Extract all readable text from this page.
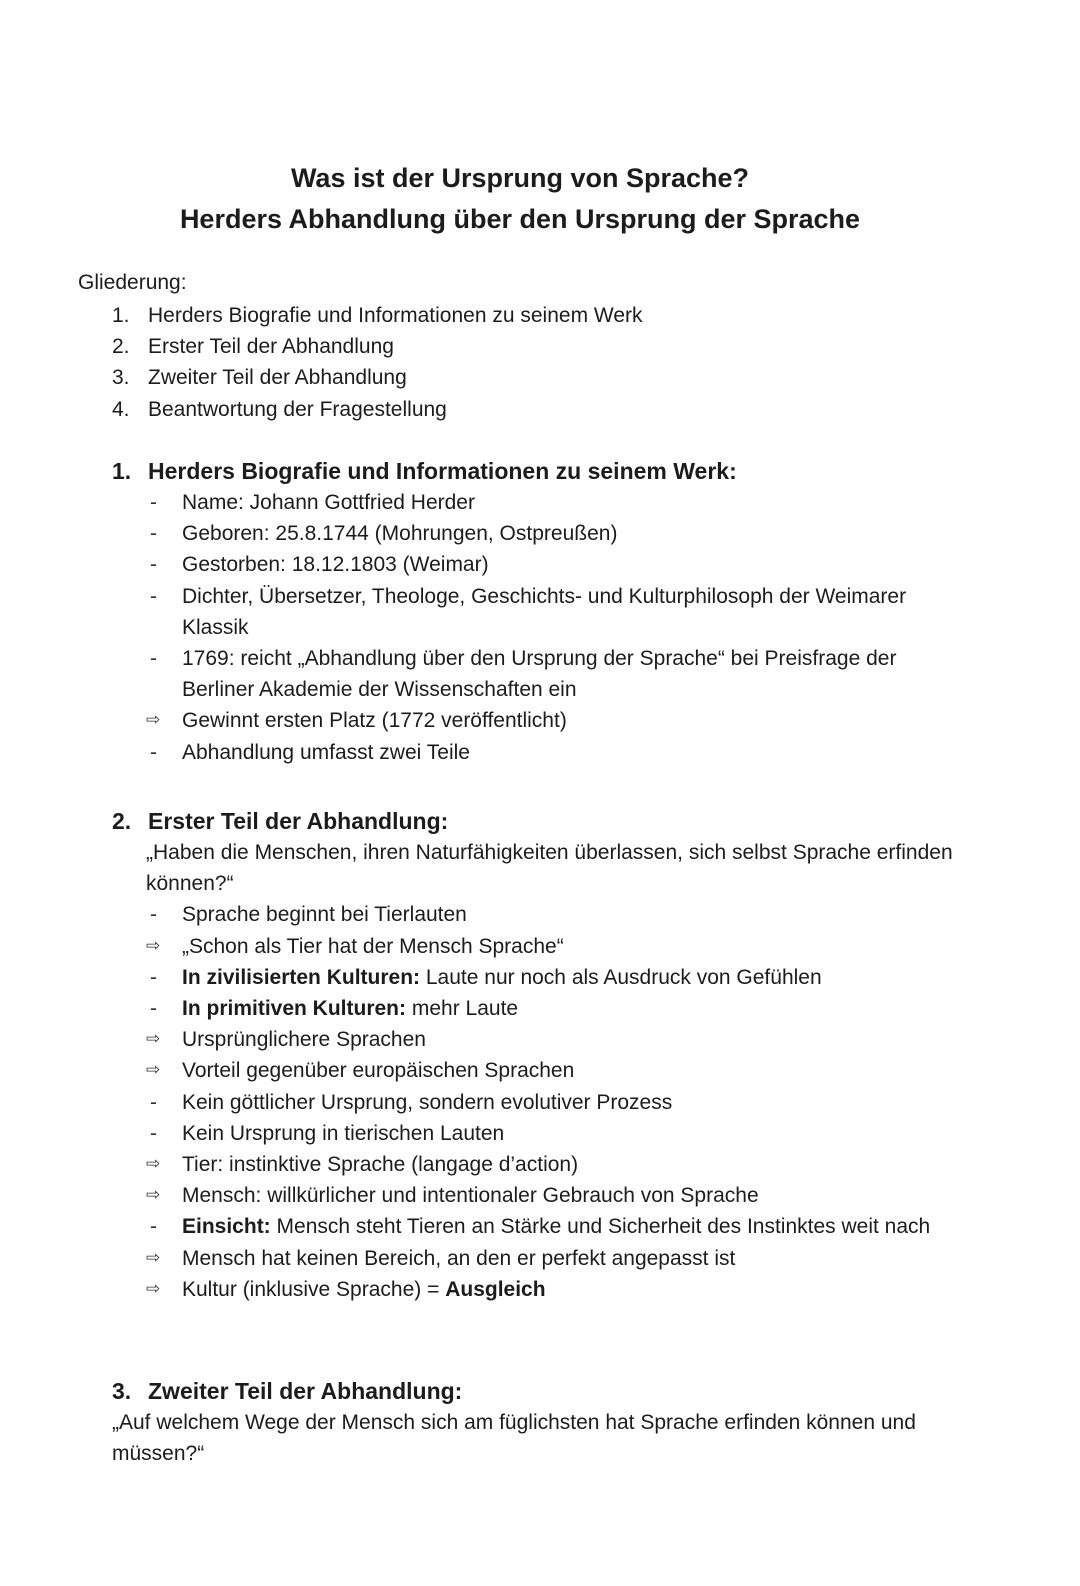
Was ist der Ursprung von Sprache?
Herders Abhandlung über den Ursprung der Sprache
Gliederung:
1. Herders Biografie und Informationen zu seinem Werk
2. Erster Teil der Abhandlung
3. Zweiter Teil der Abhandlung
4. Beantwortung der Fragestellung
1. Herders Biografie und Informationen zu seinem Werk:
-	Name: Johann Gottfried Herder
-	Geboren: 25.8.1744 (Mohrungen, Ostpreußen)
-	Gestorben: 18.12.1803 (Weimar)
-	Dichter, Übersetzer, Theologe, Geschichts- und Kulturphilosoph der Weimarer Klassik
-	1769: reicht „Abhandlung über den Ursprung der Sprache“ bei Preisfrage der Berliner Akademie der Wissenschaften ein
⇨	Gewinnt ersten Platz (1772 veröffentlicht)
-	Abhandlung umfasst zwei Teile
2. Erster Teil der Abhandlung:
„Haben die Menschen, ihren Naturfähigkeiten überlassen, sich selbst Sprache erfinden können?“
-	Sprache beginnt bei Tierlauten
⇨	„Schon als Tier hat der Mensch Sprache“
-	In zivilisierten Kulturen: Laute nur noch als Ausdruck von Gefühlen
-	In primitiven Kulturen: mehr Laute
⇨	Ursprünglichere Sprachen
⇨	Vorteil gegenüber europäischen Sprachen
-	Kein göttlicher Ursprung, sondern evolutiver Prozess
-	Kein Ursprung in tierischen Lauten
⇨	Tier: instinktive Sprache (langage d’action)
⇨	Mensch: willkürlicher und intentionaler Gebrauch von Sprache
-	Einsicht: Mensch steht Tieren an Stärke und Sicherheit des Instinktes weit nach
⇨	Mensch hat keinen Bereich, an den er perfekt angepasst ist
⇨	Kultur (inklusive Sprache) = Ausgleich
3. Zweiter Teil der Abhandlung:
„Auf welchem Wege der Mensch sich am füglichsten hat Sprache erfinden können und müssen?“
